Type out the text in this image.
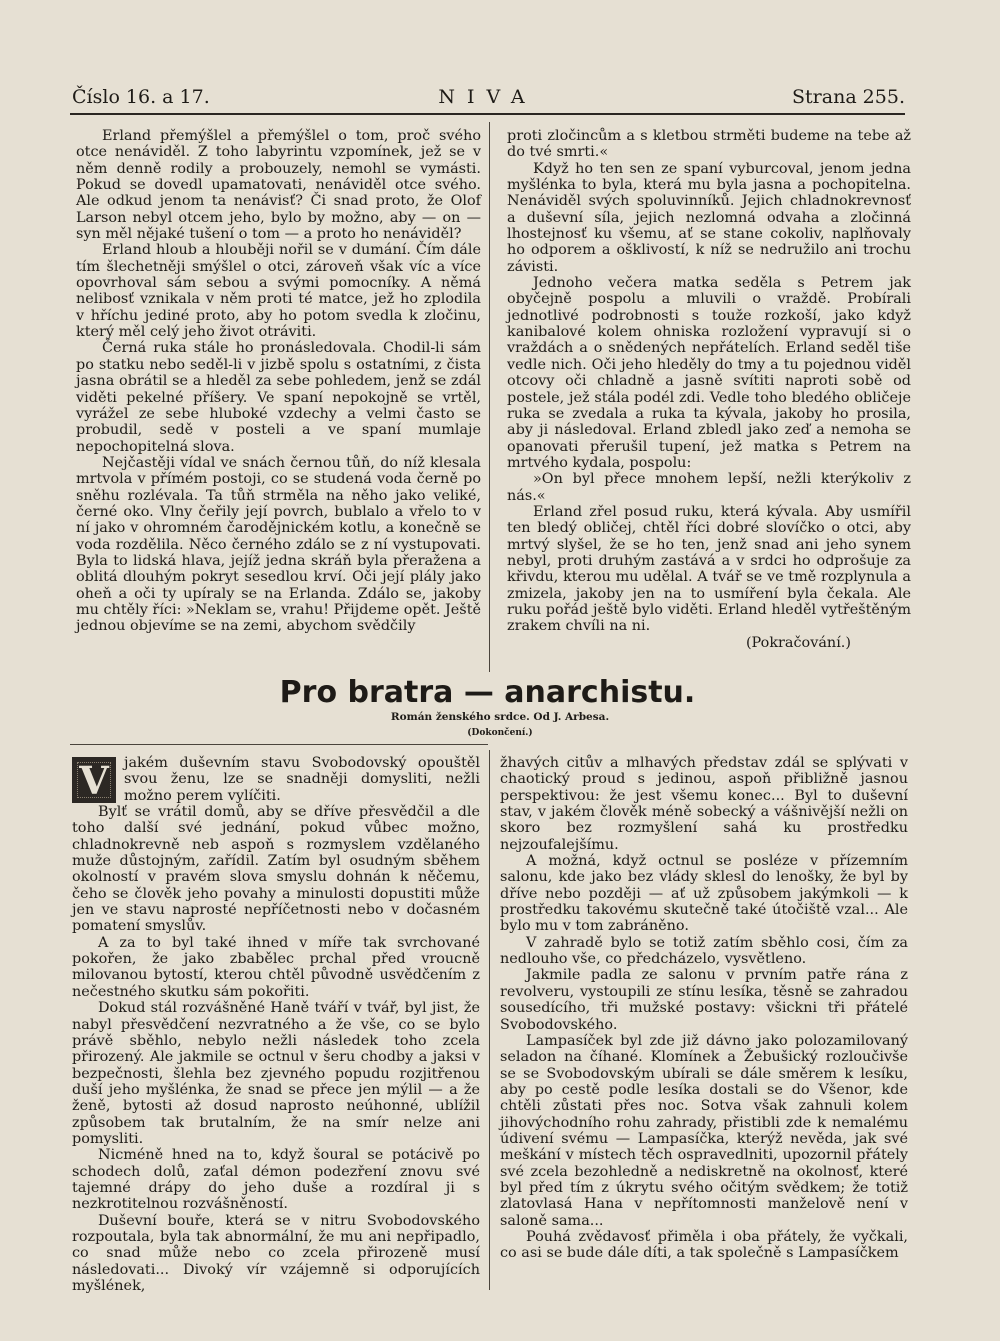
Číslo 16. a 17.	NIVA	Strana 255.

Erland přemýšlel a přemýšlel o tom, proč svého otce nenáviděl. Z toho labyrintu vzpomínek, jež se v něm denně rodily a probouzely, nemohl se vymásti. Pokud se dovedl upamatovati, nenáviděl otce svého. Ale odkud jenom ta nenávisť? Či snad proto, že Olof Larson nebyl otcem jeho, bylo by možno, aby — on — syn měl nějaké tušení o tom — a proto ho nenáviděl?

Erland hloub a hlouběji nořil se v dumání. Čím dále tím šlechetněji smýšlel o otci, zároveň však víc a více opovrhoval sám sebou a svými pomocníky. A němá nelibosť vznikala v něm proti té matce, jež ho zplodila v hříchu jediné proto, aby ho potom svedla k zločinu, který měl celý jeho život otráviti.

Černá ruka stále ho pronásledovala. Chodil-li sám po statku nebo seděl-li v jizbě spolu s ostatními, z čista jasna obrátil se a hleděl za sebe pohledem, jenž se zdál viděti pekelné příšery. Ve spaní nepokojně se vrtěl, vyrážel ze sebe hluboké vzdechy a velmi často se probudil, sedě v posteli a ve spaní mumlaje nepochopitelná slova.

Nejčastěji vídal ve snách černou tůň, do níž klesala mrtvola v přímém postoji, co se studená voda černě po sněhu rozlévala. Ta tůň strměla na něho jako veliké, černé oko. Vlny čeřily její povrch, bublalo a vřelo to v ní jako v ohromném čarodějnickém kotlu, a konečně se voda rozdělila. Něco černého zdálo se z ní vystupovati. Byla to lidská hlava, jejíž jedna skráň byla přeražena a oblitá dlouhým pokryt sesedlou krví. Oči její plály jako oheň a oči ty upíraly se na Erlanda. Zdálo se, jakoby mu chtěly říci: »Neklam se, vrahu! Přijdeme opět. Ještě jednou objevíme se na zemi, abychom svědčily

proti zločincům a s kletbou strměti budeme na tebe až do tvé smrti.«

Když ho ten sen ze spaní vyburcoval, jenom jedna myšlénka to byla, která mu byla jasna a pochopitelna. Nenáviděl svých spoluvinníků. Jejich chladnokrevnosť a duševní síla, jejich nezlomná odvaha a zločinná lhostejnosť ku všemu, ať se stane cokoliv, naplňovaly ho odporem a ošklivostí, k níž se nedružilo ani trochu závisti.

Jednoho večera matka seděla s Petrem jak obyčejně pospolu a mluvili o vraždě. Probírali jednotlivé podrobnosti s touže rozkoší, jako když kanibalové kolem ohniska rozložení vypravují si o vraždách a o snědených nepřátelích. Erland seděl tiše vedle nich. Oči jeho hleděly do tmy a tu pojednou viděl otcovy oči chladně a jasně svítiti naproti sobě od postele, jež stála podél zdi. Vedle toho bledého obličeje ruka se zvedala a ruka ta kývala, jakoby ho prosila, aby ji následoval. Erland zbledl jako zeď a nemoha se opanovati přerušil tupení, jež matka s Petrem na mrtvého kydala, pospolu:

»On byl přece mnohem lepší, nežli kterýkoliv z nás.«

Erland zřel posud ruku, která kývala. Aby usmířil ten bledý obličej, chtěl říci dobré slovíčko o otci, aby mrtvý slyšel, že se ho ten, jenž snad ani jeho synem nebyl, proti druhým zastává a v srdci ho odprošuje za křivdu, kterou mu udělal. A tvář se ve tmě rozplynula a zmizela, jakoby jen na to usmíření byla čekala. Ale ruku pořád ještě bylo viděti. Erland hleděl vytřeštěným zrakem chvíli na ni.

(Pokračování.)

Pro bratra — anarchistu.
Román ženského srdce. Od J. Arbesa.
(Dokončení.)
V	jakém duševním stavu Svobodovský opouštěl svou ženu, lze se snadněji domysliti, nežli možno perem vylíčiti.

Bylť se vrátil domů, aby se dříve přesvědčil a dle toho další své jednání, pokud vůbec možno, chladnokrevně neb aspoň s rozmyslem vzdělaného muže důstojným, zařídil. Zatím byl osudným sběhem okolností v pravém slova smyslu dohnán k něčemu, čeho se člověk jeho povahy a minulosti dopustiti může jen ve stavu naprosté nepříčetnosti nebo v dočasném pomatení smyslův.

A za to byl také ihned v míře tak svrchované pokořen, že jako zbabělec prchal před vroucně milovanou bytostí, kterou chtěl původně usvědčením z nečestného skutku sám pokořiti.

Dokud stál rozvášněné Haně tváří v tvář, byl jist, že nabyl přesvědčení nezvratného a že vše, co se bylo právě sběhlo, nebylo nežli následek toho zcela přirozený. Ale jakmile se octnul v šeru chodby a jaksi v bezpečnosti, šlehla bez zjevného popudu rozjitřenou duší jeho myšlénka, že snad se přece jen mýlil — a že ženě, bytosti až dosud naprosto neúhonné, ublížil způsobem tak brutalním, že na smír nelze ani pomysliti.

Nicméně hned na to, když šoural se potácivě po schodech dolů, zaťal démon podezření znovu své tajemné drápy do jeho duše a rozdíral ji s nezkrotitelnou rozvášněností.

Duševní bouře, která se v nitru Svobodovského rozpoutala, byla tak abnormální, že mu ani nepřipadlo, co snad může nebo co zcela přirozeně musí následovati... Divoký vír vzájemně si odporujících myšlének,

žhavých citův a mlhavých představ zdál se splývati v chaotický proud s jedinou, aspoň přibližně jasnou perspektivou: že jest všemu konec... Byl to duševní stav, v jakém člověk méně sobecký a vášnivější nežli on skoro bez rozmyšlení sahá ku prostředku nejzoufalejšímu.

A možná, když octnul se posléze v přízemním salonu, kde jako bez vlády sklesl do lenošky, že byl by dříve nebo později — ať už způsobem jakýmkoli — k prostředku takovému skutečně také útočiště vzal... Ale bylo mu v tom zabráněno.

V zahradě bylo se totiž zatím sběhlo cosi, čím za nedlouho vše, co předcházelo, vysvětleno.

Jakmile padla ze salonu v prvním patře rána z revolveru, vystoupili ze stínu lesíka, těsně se zahradou sousedícího, tři mužské postavy: všickni tři přátelé Svobodovského.

Lampasíček byl zde již dávno jako polozamilovaný seladon na číhané. Klomínek a Žebušický rozloučivše se se Svobodovským ubírali se dále směrem k lesíku, aby po cestě podle lesíka dostali se do Všenor, kde chtěli zůstati přes noc. Sotva však zahnuli kolem jihovýchodního rohu zahrady, přistibli zde k nemalému údivení svému — Lampasíčka, kterýž nevěda, jak své meškání v místech těch ospravedlniti, upozornil přátely své zcela bezohledně a nediskretně na okolnosť, které byl před tím z úkrytu svého očitým svědkem; že totiž zlatovlasá Hana v nepřítomnosti manželově není v saloně sama...

Pouhá zvědavosť přiměla i oba přátely, že vyčkali, co asi se bude dále díti, a tak společně s Lampasíčkem
